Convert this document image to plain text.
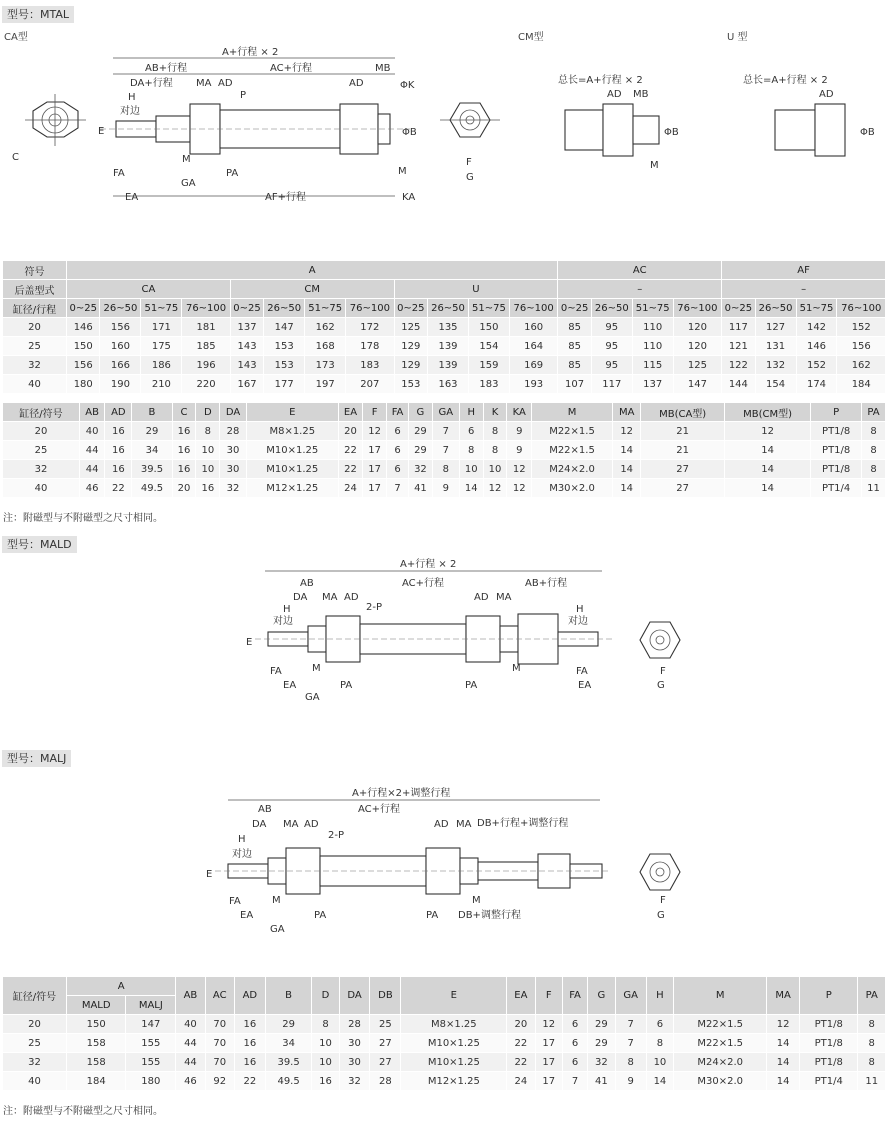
型号：MTAL
CA型	CM型	U 型
C
A+行程 × 2
AB+行程	AC+行程	MB
DA+行程 MA AD	AD	ΦK
H
对边
P
E	ΦB
FA
M
GA
PA	M
EA	AF+行程	KA
F
G
总长=A+行程 × 2
AD MB
ΦB
M
总长=A+行程 × 2
AD
ΦB
符号	A												AC				AF			
后盖型式	CA				CM				U				–				–			
缸径/行程	0~25	26~50	51~75	76~100	0~25	26~50	51~75	76~100	0~25	26~50	51~75	76~100	0~25	26~50	51~75	76~100	0~25	26~50	51~75	76~100
20	146	156	171	181	137	147	162	172	125	135	150	160	85	95	110	120	117	127	142	152
25	150	160	175	185	143	153	168	178	129	139	154	164	85	95	110	120	121	131	146	156
32	156	166	186	196	143	153	173	183	129	139	159	169	85	95	115	125	122	132	152	162
40	180	190	210	220	167	177	197	207	153	163	183	193	107	117	137	147	144	154	174	184
缸径/符号	AB	AD	B	C	D	DA	E	EA	F	FA	G	GA	H	K	KA	M	MA	MB(CA型)	MB(CM型)	P	PA
20	40	16	29	16	8	28	M8×1.25	20	12	6	29	7	6	8	9	M22×1.5	12	21	12	PT1/8	8
25	44	16	34	16	10	30	M10×1.25	22	17	6	29	7	8	8	9	M22×1.5	14	21	14	PT1/8	8
32	44	16	39.5	16	10	30	M10×1.25	22	17	6	32	8	10	10	12	M24×2.0	14	27	14	PT1/8	8
40	46	22	49.5	20	16	32	M12×1.25	24	17	7	41	9	14	12	12	M30×2.0	14	27	14	PT1/4	11
注：附磁型与不附磁型之尺寸相同。
型号：MALD
A+行程 × 2
AB	AC+行程	AB+行程
DA MA AD	AD MA
2-P
H	H
对边	对边
E
FA	M
EA
GA
PA	PA
M	FA
EA
F
G
型号：MALJ
A+行程×2+调整行程
AB	AC+行程
DA MA AD	AD MA DB+行程+调整行程
H	2-P
对边
E
FA	M
EA
GA
PA	PA
M
DB+调整行程
F
G
缸径/符号	A		AB	AC	AD	B	D	DA	DB	E	EA	F	FA	G	GA	H	M	MA	P	PA
	MALD	MALJ																		
20	150	147	40	70	16	29	8	28	25	M8×1.25	20	12	6	29	7	6	M22×1.5	12	PT1/8	8
25	158	155	44	70	16	34	10	30	27	M10×1.25	22	17	6	29	7	8	M22×1.5	14	PT1/8	8
32	158	155	44	70	16	39.5	10	30	27	M10×1.25	22	17	6	32	8	10	M24×2.0	14	PT1/8	8
40	184	180	46	92	22	49.5	16	32	28	M12×1.25	24	17	7	41	9	14	M30×2.0	14	PT1/4	11
注：附磁型与不附磁型之尺寸相同。
